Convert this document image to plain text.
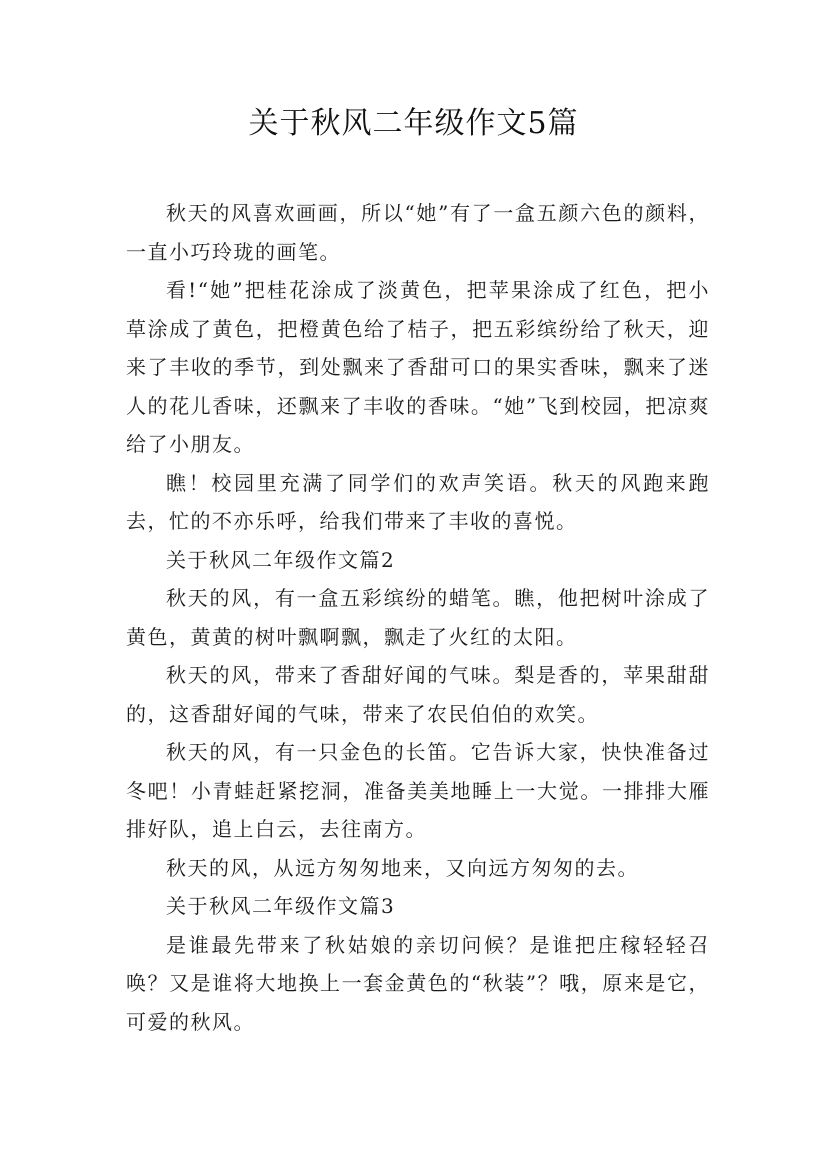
关于秋风二年级作文5篇

秋天的风喜欢画画，所以“她”有了一盒五颜六色的颜料，一直小巧玲珑的画笔。

看!“她”把桂花涂成了淡黄色，把苹果涂成了红色，把小草涂成了黄色，把橙黄色给了桔子，把五彩缤纷给了秋天，迎来了丰收的季节，到处飘来了香甜可口的果实香味，飘来了迷人的花儿香味，还飘来了丰收的香味。“她”飞到校园，把凉爽给了小朋友。

瞧！校园里充满了同学们的欢声笑语。秋天的风跑来跑去，忙的不亦乐呼，给我们带来了丰收的喜悦。

关于秋风二年级作文篇2

秋天的风，有一盒五彩缤纷的蜡笔。瞧，他把树叶涂成了黄色，黄黄的树叶飘啊飘，飘走了火红的太阳。

秋天的风，带来了香甜好闻的气味。梨是香的，苹果甜甜的，这香甜好闻的气味，带来了农民伯伯的欢笑。

秋天的风，有一只金色的长笛。它告诉大家，快快准备过冬吧！小青蛙赶紧挖洞，准备美美地睡上一大觉。一排排大雁排好队，追上白云，去往南方。

秋天的风，从远方匆匆地来，又向远方匆匆的去。

关于秋风二年级作文篇3

是谁最先带来了秋姑娘的亲切问候？是谁把庄稼轻轻召唤？又是谁将大地换上一套金黄色的“秋装”？哦，原来是它，可爱的秋风。
